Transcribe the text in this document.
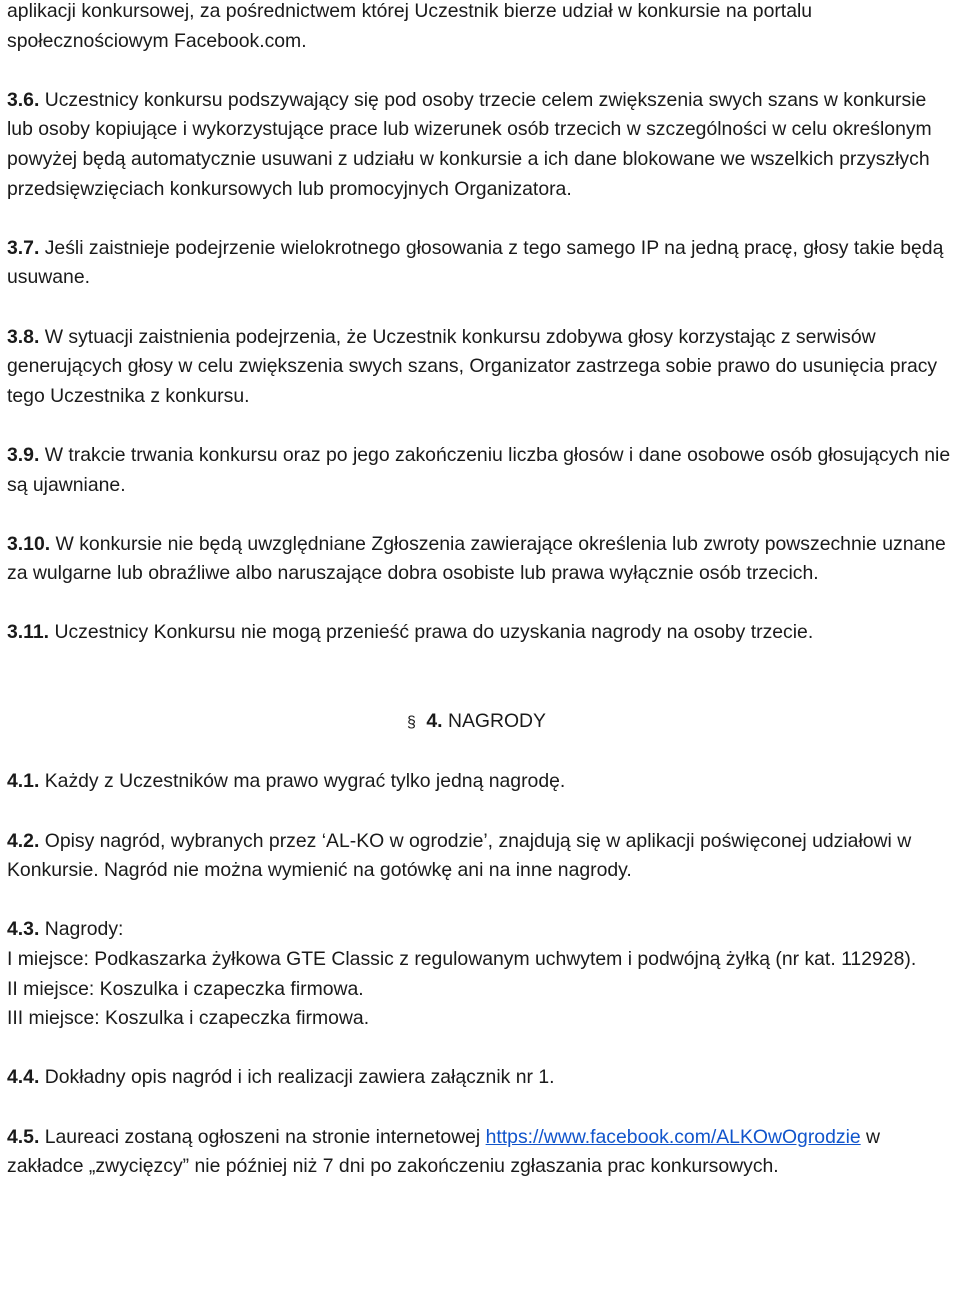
aplikacji konkursowej, za pośrednictwem której Uczestnik bierze udział w konkursie na portalu społecznościowym Facebook.com.

3.6. Uczestnicy konkursu podszywający się pod osoby trzecie celem zwiększenia swych szans w konkursie lub osoby kopiujące i wykorzystujące prace lub wizerunek osób trzecich w szczególności w celu określonym powyżej będą automatycznie usuwani z udziału w konkursie a ich dane blokowane we wszelkich przyszłych przedsięwzięciach konkursowych lub promocyjnych Organizatora.

3.7. Jeśli zaistnieje podejrzenie wielokrotnego głosowania z tego samego IP na jedną pracę, głosy takie będą usuwane.

3.8. W sytuacji zaistnienia podejrzenia, że Uczestnik konkursu zdobywa głosy korzystając z serwisów generujących głosy w celu zwiększenia swych szans, Organizator zastrzega sobie prawo do usunięcia pracy tego Uczestnika z konkursu.

3.9. W trakcie trwania konkursu oraz po jego zakończeniu liczba głosów i dane osobowe osób głosujących nie są ujawniane.

3.10. W konkursie nie będą uwzględniane Zgłoszenia zawierające określenia lub zwroty powszechnie uznane za wulgarne lub obraźliwe albo naruszające dobra osobiste lub prawa wyłącznie osób trzecich.

3.11. Uczestnicy Konkursu nie mogą przenieść prawa do uzyskania nagrody na osoby trzecie.

§ 4. NAGRODY

4.1. Każdy z Uczestników ma prawo wygrać tylko jedną nagrodę.

4.2. Opisy nagród, wybranych przez ‘AL-KO w ogrodzie’, znajdują się w aplikacji poświęconej udziałowi w Konkursie. Nagród nie można wymienić na gotówkę ani na inne nagrody.

4.3. Nagrody:
I miejsce: Podkaszarka żyłkowa GTE Classic z regulowanym uchwytem i podwójną żyłką (nr kat. 112928).
II miejsce: Koszulka i czapeczka firmowa.
III miejsce: Koszulka i czapeczka firmowa.

4.4. Dokładny opis nagród i ich realizacji zawiera załącznik nr 1.

4.5. Laureaci zostaną ogłoszeni na stronie internetowej https://www.facebook.com/ALKOwOgrodzie w zakładce „zwycięzcy” nie później niż 7 dni po zakończeniu zgłaszania prac konkursowych.
